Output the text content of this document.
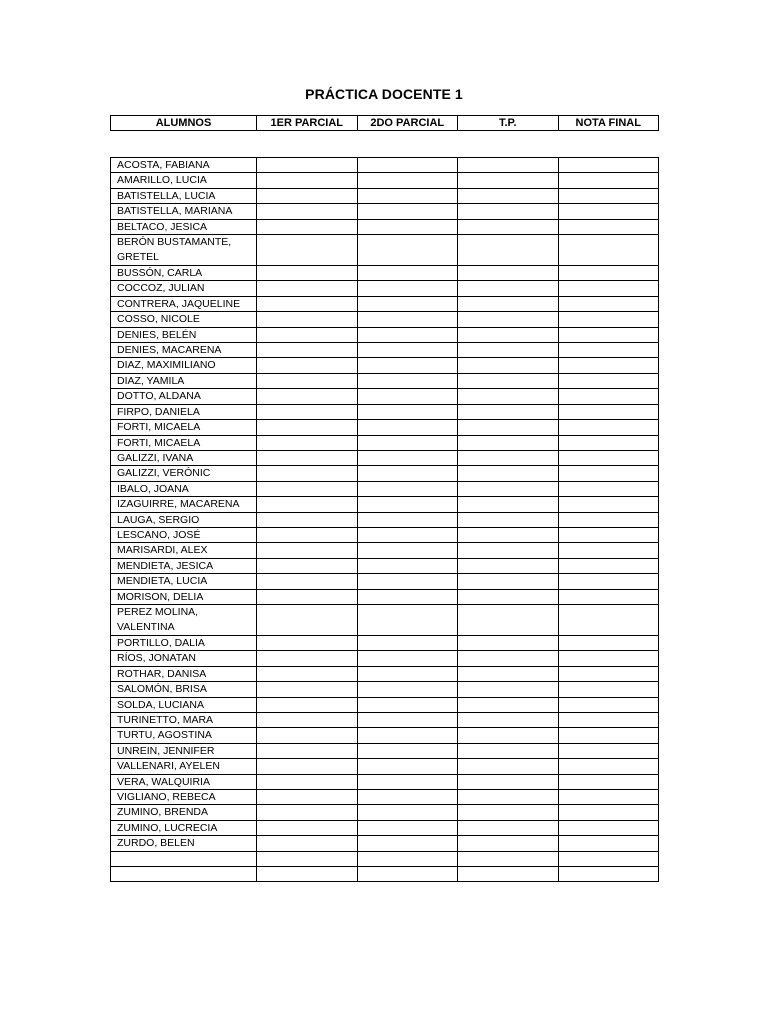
PRÁCTICA DOCENTE 1
ALUMNOS	1ER PARCIAL	2DO PARCIAL	T.P.	NOTA FINAL
ACOSTA, FABIANA				
AMARILLO, LUCIA				
BATISTELLA, LUCIA				
BATISTELLA, MARIANA				
BELTACO, JESICA				
BERÓN BUSTAMANTE, GRETEL				
BUSSÓN, CARLA				
COCCOZ, JULIAN				
CONTRERA, JAQUELINE				
COSSO, NICOLE				
DENIES, BELÉN				
DENIES, MACARENA				
DIAZ, MAXIMILIANO				
DIAZ, YAMILA				
DOTTO, ALDANA				
FIRPO, DANIELA				
FORTI, MICAELA				
FORTI, MICAELA				
GALIZZI, IVANA				
GALIZZI, VERÓNIC				
IBALO, JOANA				
IZAGUIRRE, MACARENA				
LAUGA, SERGIO				
LESCANO, JOSÉ				
MARISARDI, ALEX				
MENDIETA, JESICA				
MENDIETA, LUCIA				
MORISON, DELIA				
PEREZ MOLINA, VALENTINA				
PORTILLO, DALIA				
RÍOS, JONATAN				
ROTHAR, DANISA				
SALOMÓN, BRISA				
SOLDA, LUCIANA				
TURINETTO, MARA				
TURTU, AGOSTINA				
UNREIN, JENNIFER				
VALLENARI, AYELEN				
VERA, WALQUIRIA				
VIGLIANO, REBECA				
ZUMINO, BRENDA				
ZUMINO, LUCRECIA				
ZURDO, BELEN				
